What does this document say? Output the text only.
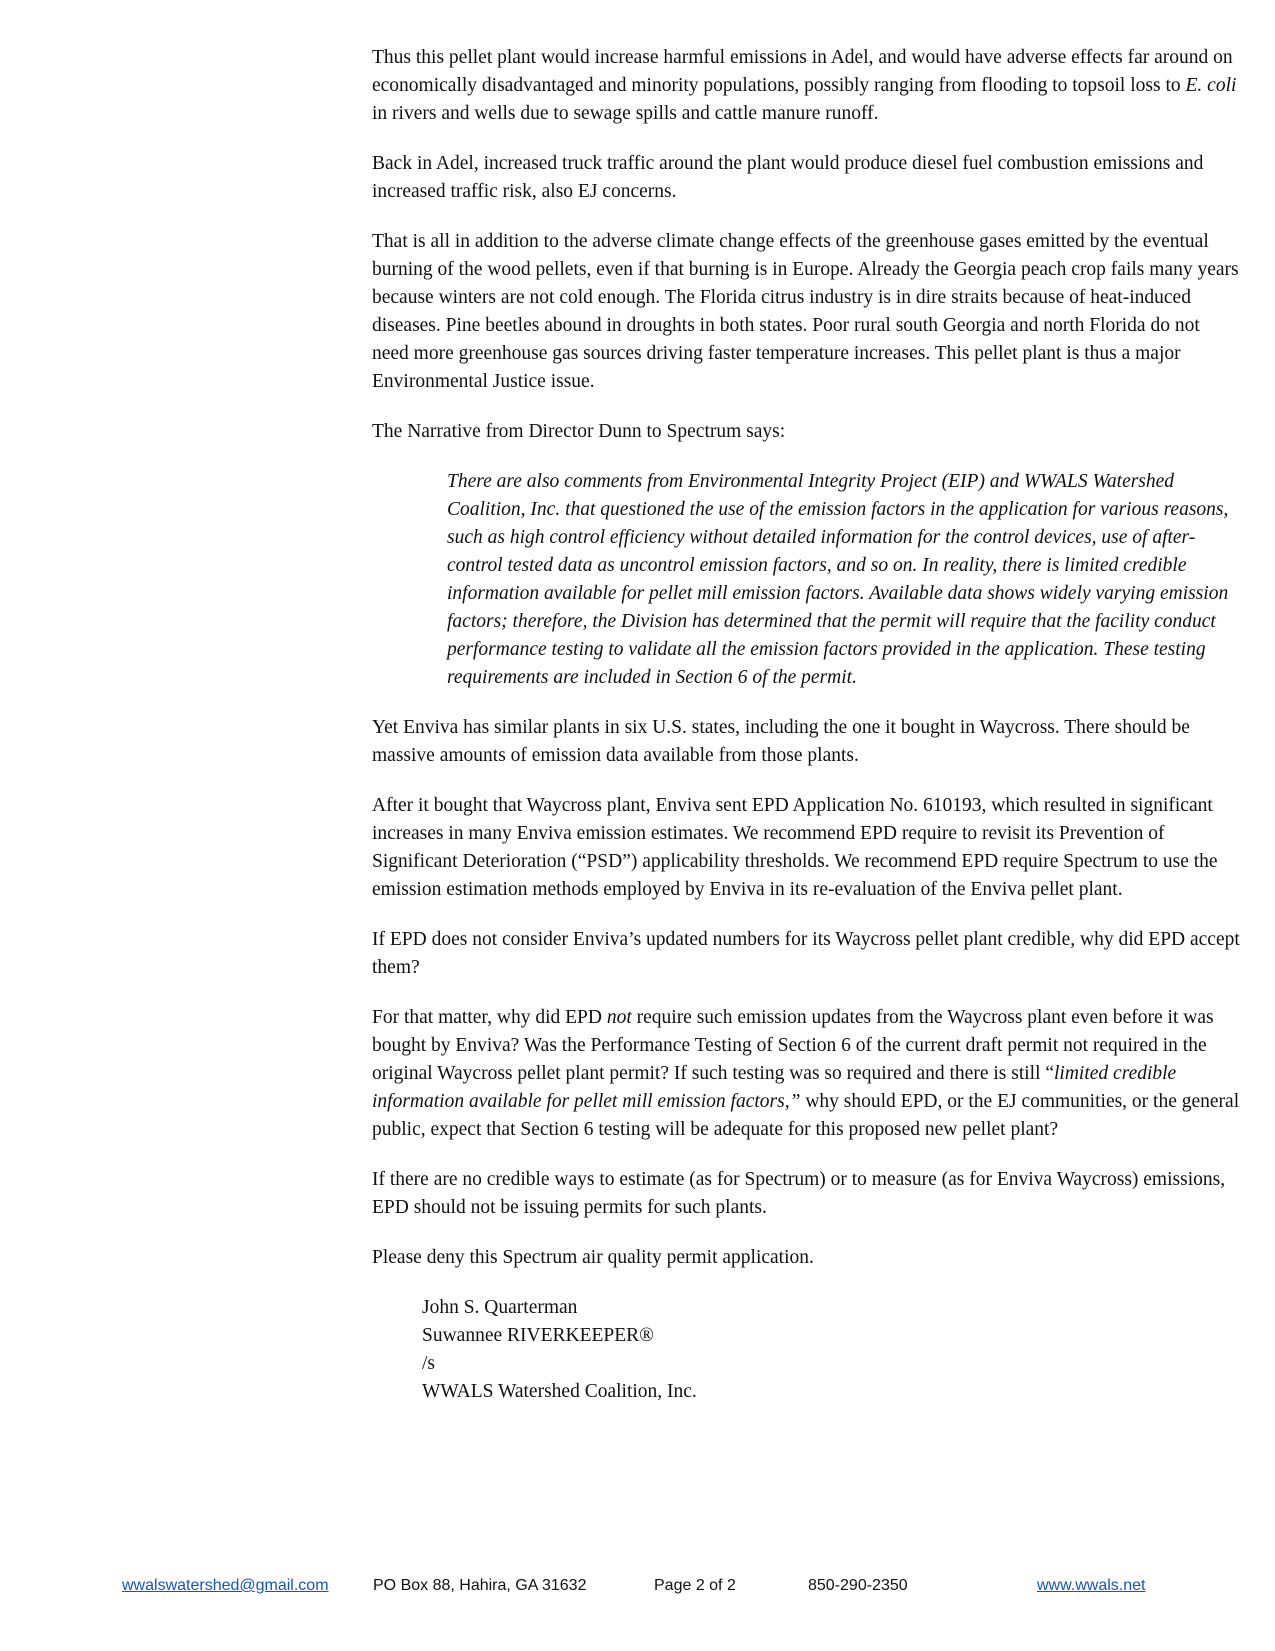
Thus this pellet plant would increase harmful emissions in Adel, and would have adverse effects far around on economically disadvantaged and minority populations, possibly ranging from flooding to topsoil loss to E. coli in rivers and wells due to sewage spills and cattle manure runoff.

Back in Adel, increased truck traffic around the plant would produce diesel fuel combustion emissions and increased traffic risk, also EJ concerns.

That is all in addition to the adverse climate change effects of the greenhouse gases emitted by the eventual burning of the wood pellets, even if that burning is in Europe. Already the Georgia peach crop fails many years because winters are not cold enough. The Florida citrus industry is in dire straits because of heat-induced diseases. Pine beetles abound in droughts in both states. Poor rural south Georgia and north Florida do not need more greenhouse gas sources driving faster temperature increases. This pellet plant is thus a major Environmental Justice issue.

The Narrative from Director Dunn to Spectrum says:

There are also comments from Environmental Integrity Project (EIP) and WWALS Watershed Coalition, Inc. that questioned the use of the emission factors in the application for various reasons, such as high control efficiency without detailed information for the control devices, use of after-control tested data as uncontrol emission factors, and so on. In reality, there is limited credible information available for pellet mill emission factors. Available data shows widely varying emission factors; therefore, the Division has determined that the permit will require that the facility conduct performance testing to validate all the emission factors provided in the application. These testing requirements are included in Section 6 of the permit.

Yet Enviva has similar plants in six U.S. states, including the one it bought in Waycross. There should be massive amounts of emission data available from those plants.

After it bought that Waycross plant, Enviva sent EPD Application No. 610193, which resulted in significant increases in many Enviva emission estimates. We recommend EPD require to revisit its Prevention of Significant Deterioration (“PSD”) applicability thresholds. We recommend EPD require Spectrum to use the emission estimation methods employed by Enviva in its re-evaluation of the Enviva pellet plant.

If EPD does not consider Enviva’s updated numbers for its Waycross pellet plant credible, why did EPD accept them?

For that matter, why did EPD not require such emission updates from the Waycross plant even before it was bought by Enviva? Was the Performance Testing of Section 6 of the current draft permit not required in the original Waycross pellet plant permit? If such testing was so required and there is still “limited credible information available for pellet mill emission factors,” why should EPD, or the EJ communities, or the general public, expect that Section 6 testing will be adequate for this proposed new pellet plant?

If there are no credible ways to estimate (as for Spectrum) or to measure (as for Enviva Waycross) emissions, EPD should not be issuing permits for such plants.

Please deny this Spectrum air quality permit application.

John S. Quarterman
Suwannee RIVERKEEPER®
/s
WWALS Watershed Coalition, Inc.
wwalswatershed@gmail.com	PO Box 88, Hahira, GA 31632	Page 2 of 2	850-290-2350	www.wwals.net
